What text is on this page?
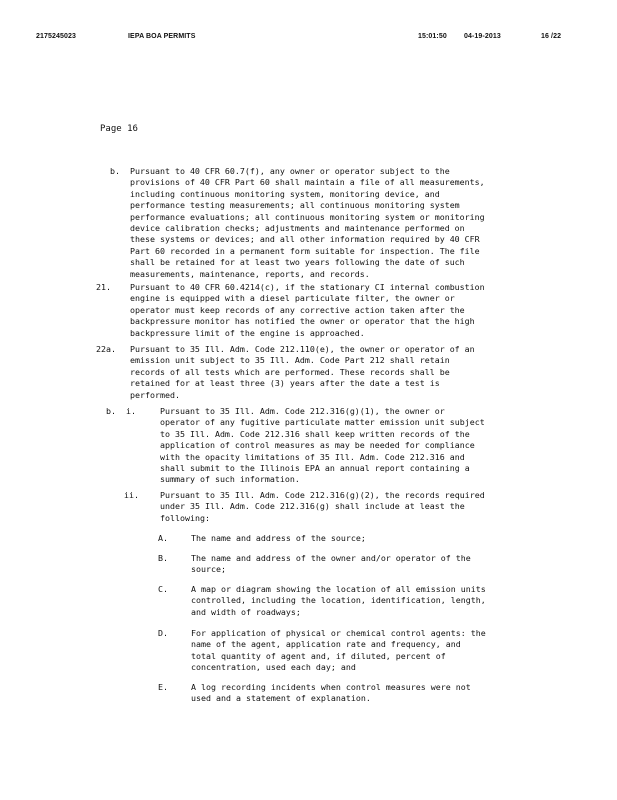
2175245023	IEPA BOA PERMITS	15:01:50 04-19-2013	16 /22
Page 16
b. Pursuant to 40 CFR 60.7(f), any owner or operator subject to the
provisions of 40 CFR Part 60 shall maintain a file of all measurements,
including continuous monitoring system, monitoring device, and
performance testing measurements; all continuous monitoring system
performance evaluations; all continuous monitoring system or monitoring
device calibration checks; adjustments and maintenance performed on
these systems or devices; and all other information required by 40 CFR
Part 60 recorded in a permanent form suitable for inspection. The file
shall be retained for at least two years following the date of such
measurements, maintenance, reports, and records.
21. Pursuant to 40 CFR 60.4214(c), if the stationary CI internal combustion
engine is equipped with a diesel particulate filter, the owner or
operator must keep records of any corrective action taken after the
backpressure monitor has notified the owner or operator that the high
backpressure limit of the engine is approached.
22a. Pursuant to 35 Ill. Adm. Code 212.110(e), the owner or operator of an
emission unit subject to 35 Ill. Adm. Code Part 212 shall retain
records of all tests which are performed. These records shall be
retained for at least three (3) years after the date a test is
performed.
b. i.	Pursuant to 35 Ill. Adm. Code 212.316(g)(1), the owner or
operator of any fugitive particulate matter emission unit subject
to 35 Ill. Adm. Code 212.316 shall keep written records of the
application of control measures as may be needed for compliance
with the opacity limitations of 35 Ill. Adm. Code 212.316 and
shall submit to the Illinois EPA an annual report containing a
summary of such information.
ii.	Pursuant to 35 Ill. Adm. Code 212.316(g)(2), the records required
under 35 Ill. Adm. Code 212.316(g) shall include at least the
following:
A.	The name and address of the source;
B.	The name and address of the owner and/or operator of the
source;
C.	A map or diagram showing the location of all emission units
controlled, including the location, identification, length,
and width of roadways;
D.	For application of physical or chemical control agents: the
name of the agent, application rate and frequency, and
total quantity of agent and, if diluted, percent of
concentration, used each day; and
E.	A log recording incidents when control measures were not
used and a statement of explanation.
